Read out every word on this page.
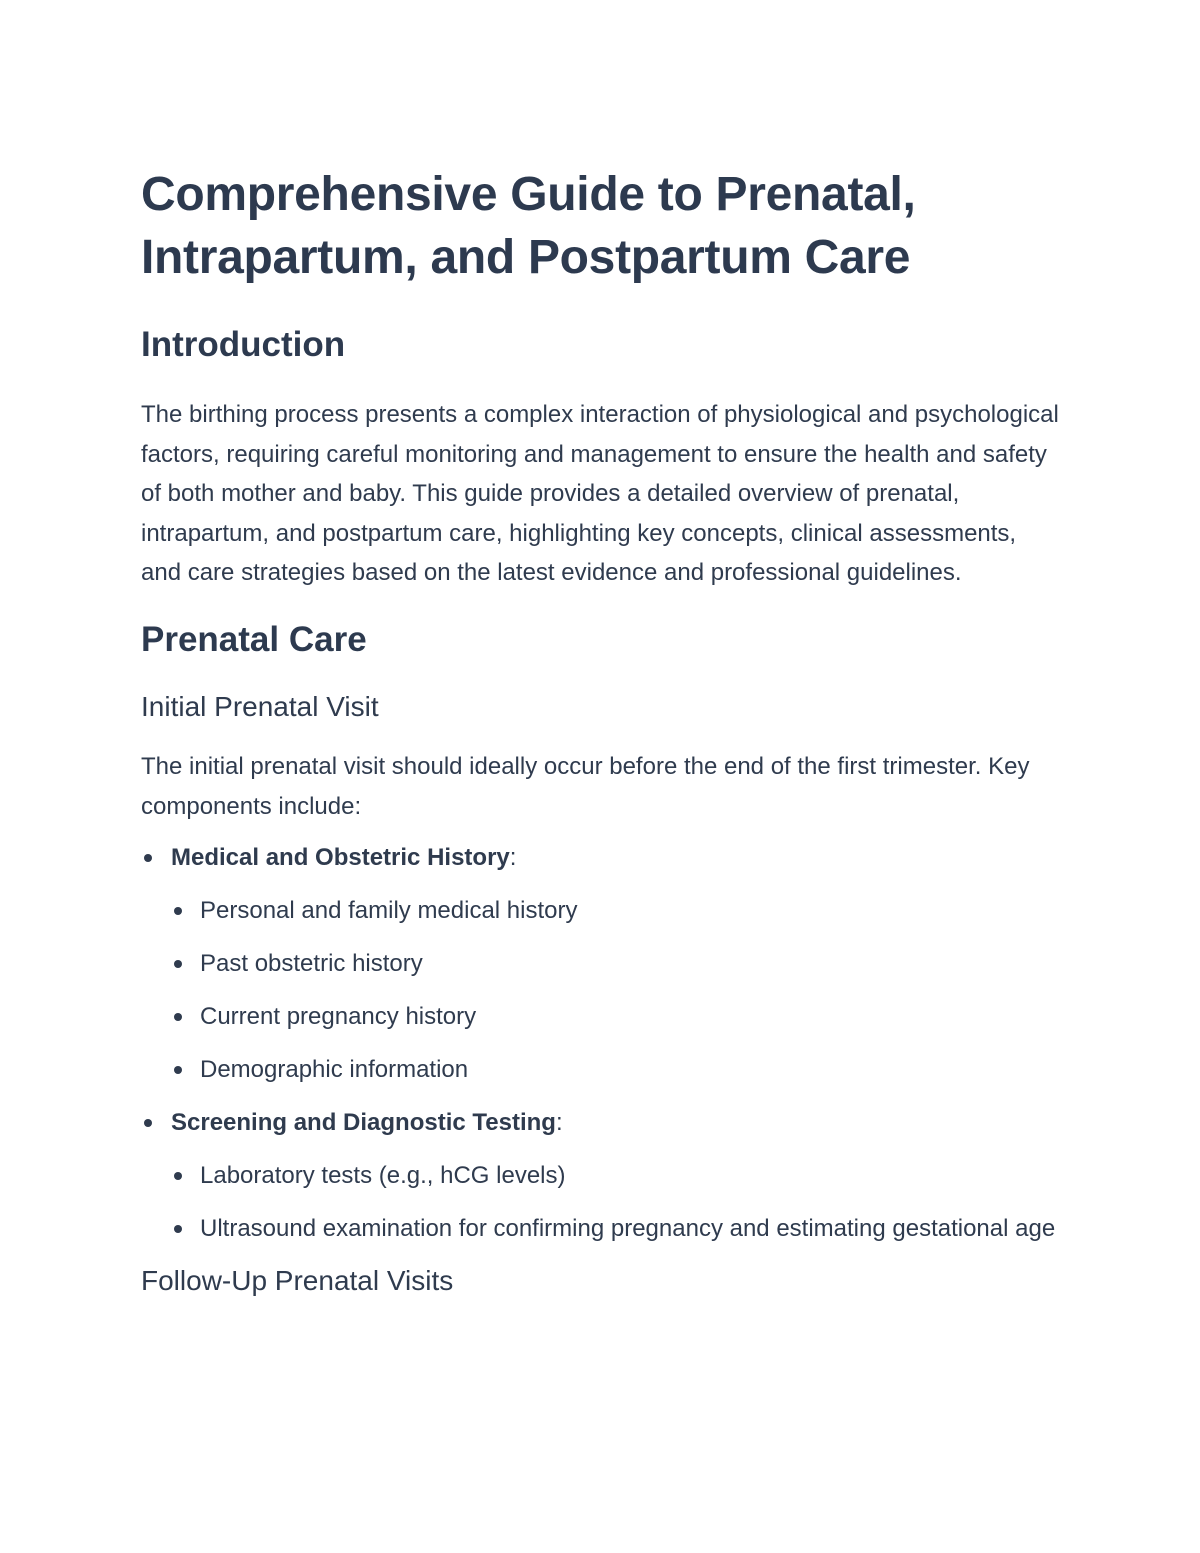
Comprehensive Guide to Prenatal, Intrapartum, and Postpartum Care
Introduction

The birthing process presents a complex interaction of physiological and psychological factors, requiring careful monitoring and management to ensure the health and safety of both mother and baby. This guide provides a detailed overview of prenatal, intrapartum, and postpartum care, highlighting key concepts, clinical assessments, and care strategies based on the latest evidence and professional guidelines.

Prenatal Care
Initial Prenatal Visit

The initial prenatal visit should ideally occur before the end of the first trimester. Key components include:

Medical and Obstetric History:
Personal and family medical history
Past obstetric history
Current pregnancy history
Demographic information
Screening and Diagnostic Testing:
Laboratory tests (e.g., hCG levels)
Ultrasound examination for confirming pregnancy and estimating gestational age
Follow-Up Prenatal Visits
